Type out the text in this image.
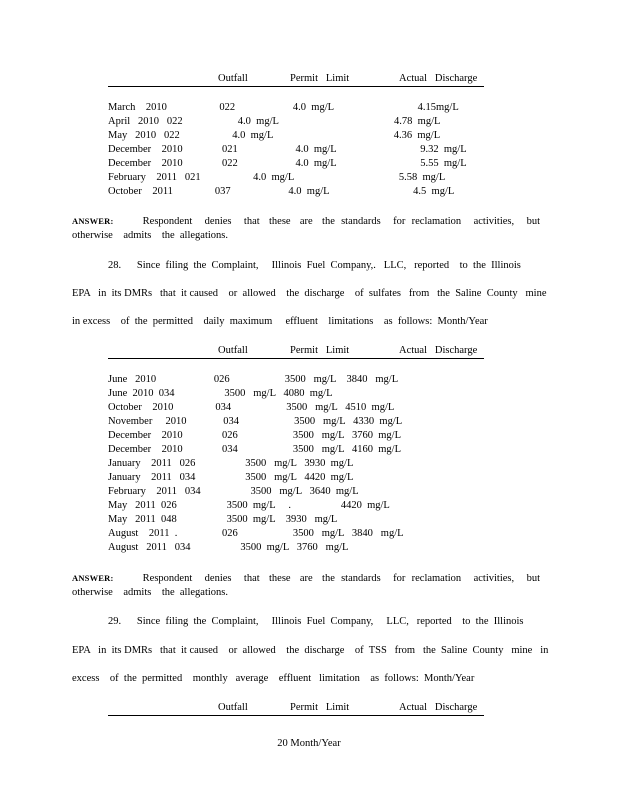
Outfall	Permit   Limit	Actual   Discharge
March    2010                    022                      4.0  mg/L                                4.15mg/L
April   2010   022                     4.0  mg/L                                            4.78  mg/L
May   2010   022                    4.0  mg/L                                              4.36  mg/L
December    2010               021                      4.0  mg/L                                9.32  mg/L
December    2010               022                      4.0  mg/L                                5.55  mg/L
February    2011   021                    4.0  mg/L                                        5.58  mg/L
October    2011                037                      4.0  mg/L                                4.5  mg/L
ANSWER:	Respondent    denies    that   these   are   the  standards    for  reclamation    activities,    but
otherwise    admits    the  allegations.
28.      Since  filing  the  Complaint,     Illinois  Fuel  Company,.   LLC,   reported    to  the  Illinois
EPA   in  its DMRs   that  it caused    or  allowed    the  discharge    of  sulfates   from   the  Saline  County   mine
in excess    of  the  permitted    daily  maximum     effluent    limitations    as  follows:  Month/Year
Outfall	Permit   Limit	Actual   Discharge
June   2010                      026                     3500   mg/L    3840   mg/L
June  2010  034                   3500   mg/L   4080  mg/L
October    2010                034                     3500   mg/L   4510  mg/L
November     2010              034                     3500   mg/L   4330  mg/L
December    2010               026                     3500   mg/L   3760  mg/L
December    2010               034                     3500   mg/L   4160  mg/L
January    2011   026                   3500   mg/L   3930  mg/L
January    2011   034                   3500   mg/L   4420  mg/L
February    2011   034                   3500   mg/L   3640  mg/L
May   2011  026                   3500  mg/L     .                   4420  mg/L
May   2011  048                   3500  mg/L    3930   mg/L
August    2011  .                 026                     3500   mg/L   3840   mg/L
August   2011   034                   3500  mg/L   3760   mg/L
ANSWER:	Respondent    denies    that   these   are   the  standards    for  reclamation    activities,    but
otherwise    admits    the  allegations.
29.      Since  filing  the  Complaint,     Illinois  Fuel  Company,     LLC,   reported    to  the  Illinois
EPA   in  its DMRs   that  it caused    or  allowed    the  discharge    of  TSS   from   the  Saline  County   mine   in
excess    of  the  permitted    monthly   average    effluent   limitation    as  follows:  Month/Year
Outfall	Permit   Limit	Actual   Discharge
20 Month/Year
